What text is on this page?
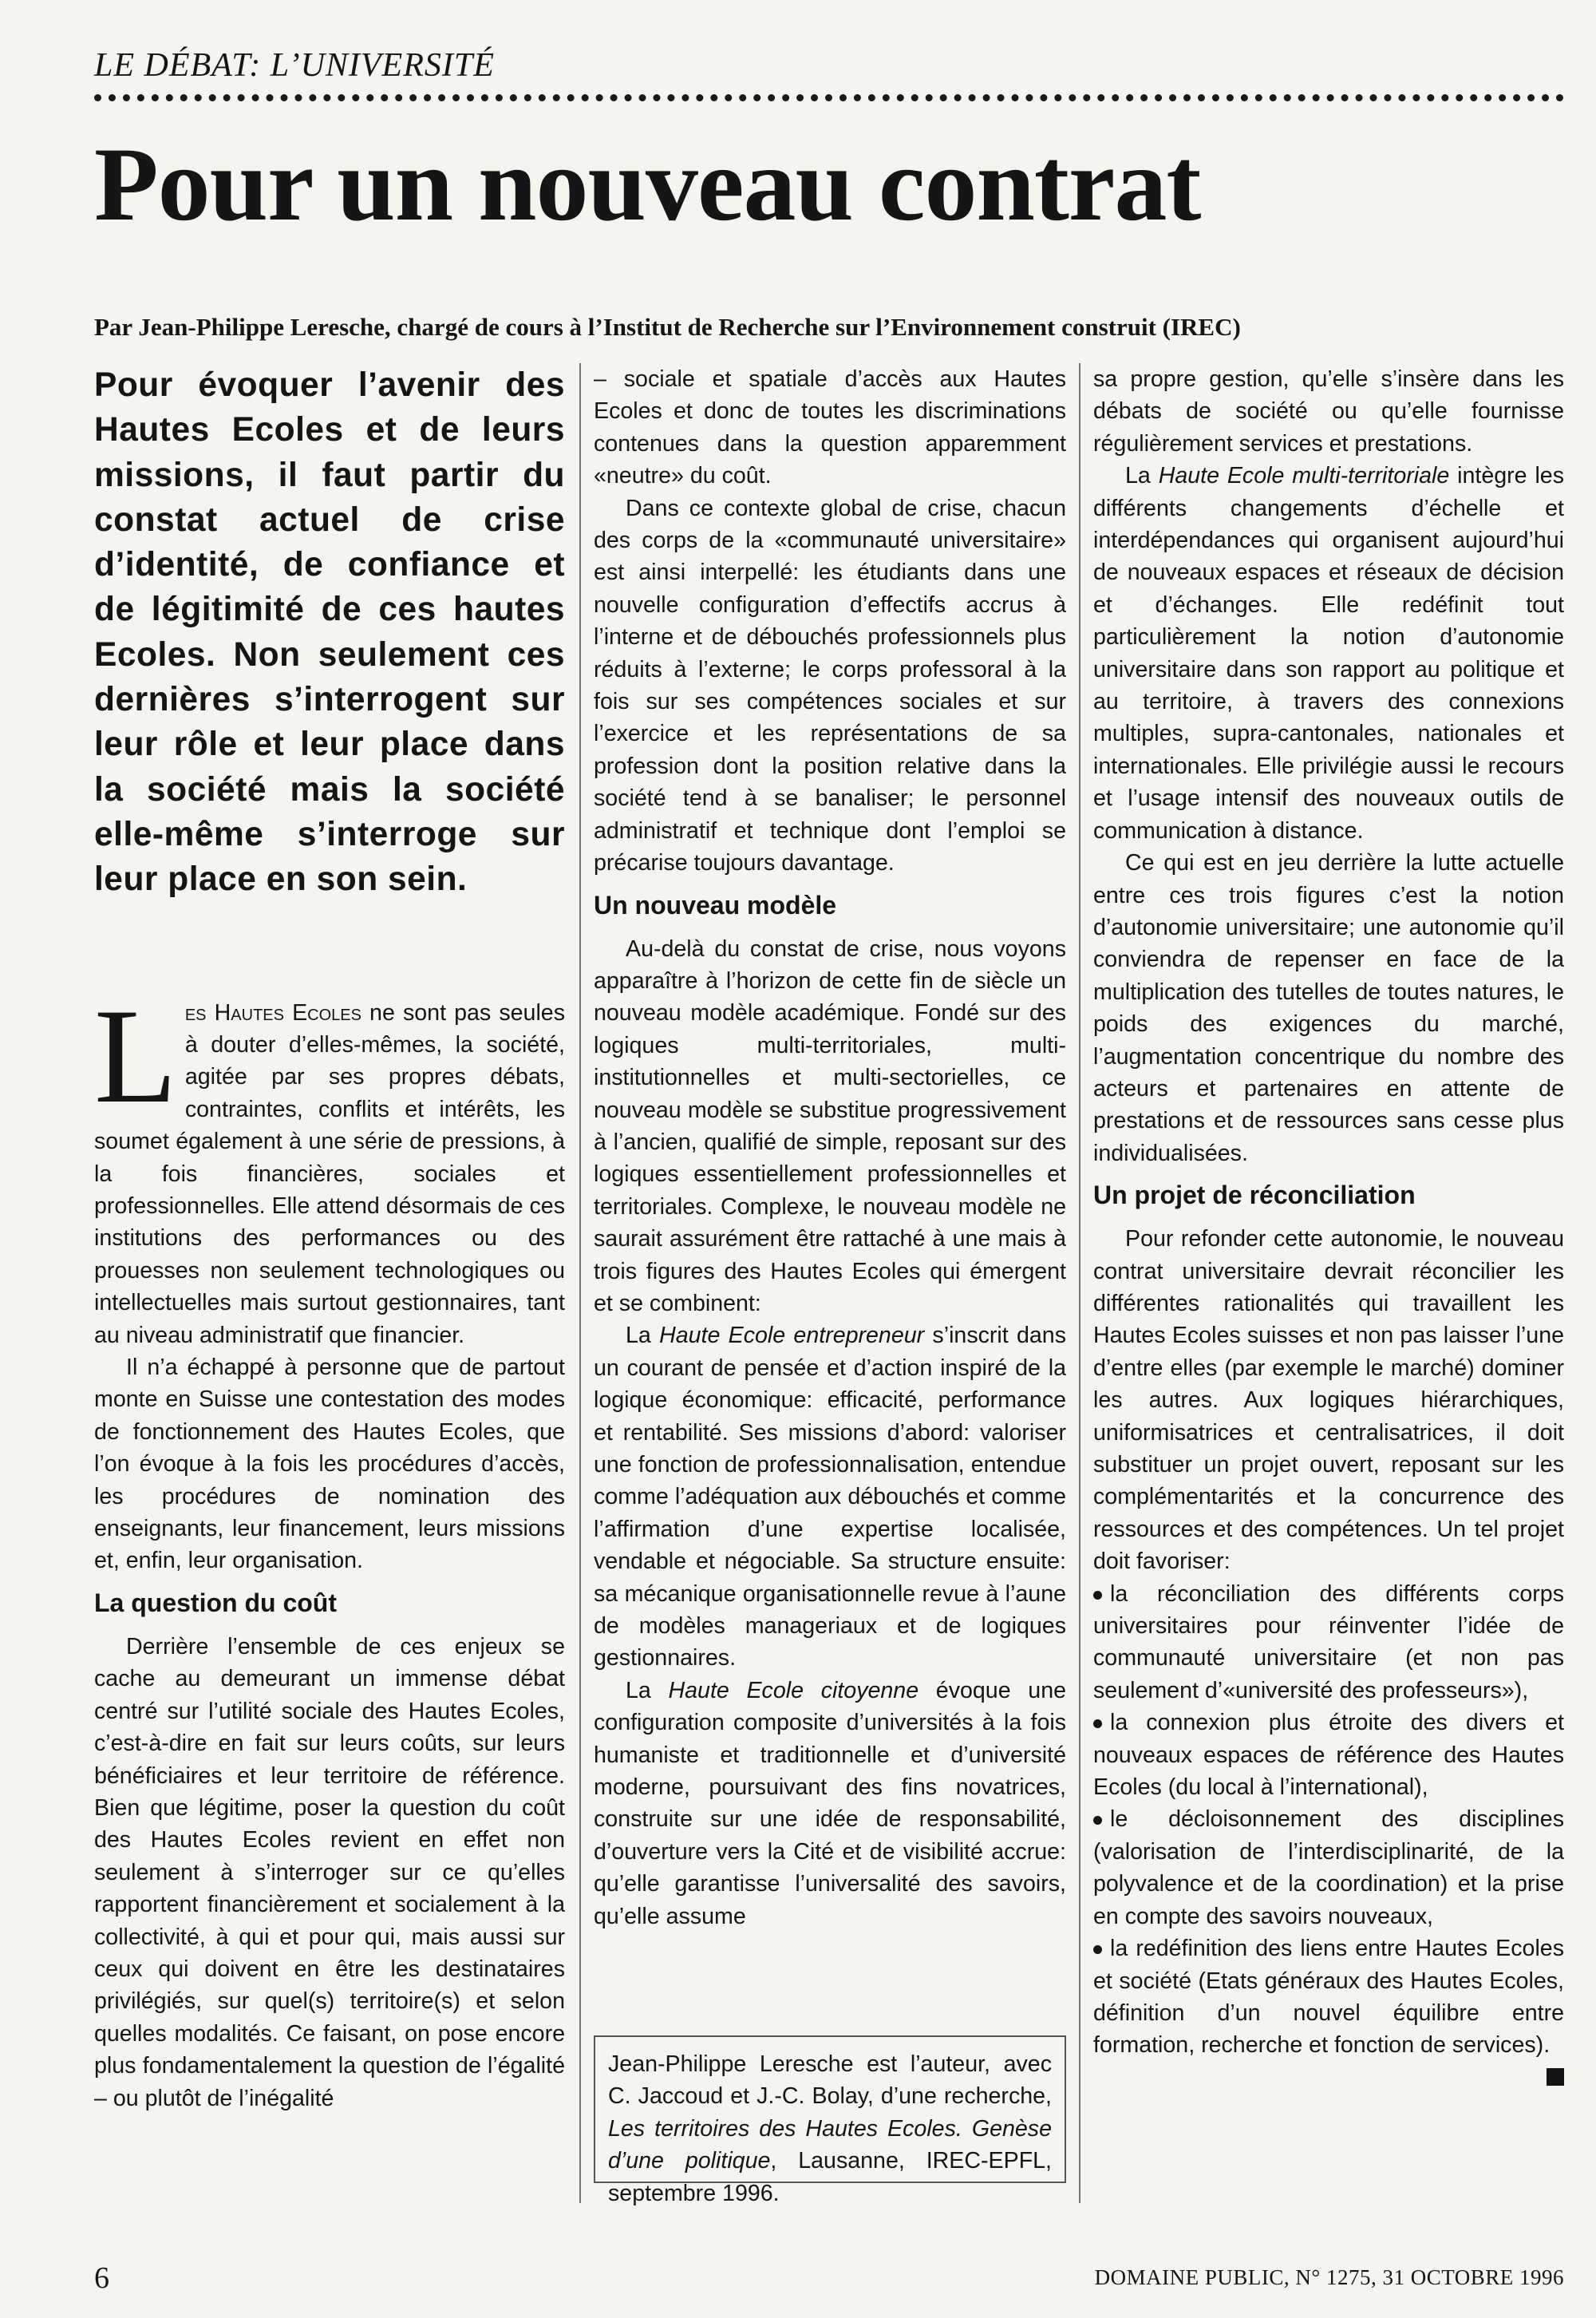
LE DÉBAT: L’UNIVERSITÉ
Pour un nouveau contrat
Par Jean-Philippe Leresche, chargé de cours à l’Institut de Recherche sur l’Environnement construit (IREC)

Pour évoquer l’avenir des Hautes Ecoles et de leurs missions, il faut partir du constat actuel de crise d’identité, de confiance et de légitimité de ces hautes Ecoles. Non seulement ces dernières s’interrogent sur leur rôle et leur place dans la société mais la société elle-même s’interroge sur leur place en son sein.

Les Hautes Ecoles ne sont pas seules à douter d’elles-mêmes, la société, agitée par ses propres débats, contraintes, conflits et intérêts, les soumet également à une série de pressions, à la fois financières, sociales et professionnelles. Elle attend désormais de ces institutions des performances ou des prouesses non seulement technologiques ou intellectuelles mais surtout gestionnaires, tant au niveau administratif que financier.

Il n’a échappé à personne que de partout monte en Suisse une contestation des modes de fonctionnement des Hautes Ecoles, que l’on évoque à la fois les procédures d’accès, les procédures de nomination des enseignants, leur financement, leurs missions et, enfin, leur organisation.

La question du coût

Derrière l’ensemble de ces enjeux se cache au demeurant un immense débat centré sur l’utilité sociale des Hautes Ecoles, c’est-à-dire en fait sur leurs coûts, sur leurs bénéficiaires et leur territoire de référence. Bien que légitime, poser la question du coût des Hautes Ecoles revient en effet non seulement à s’interroger sur ce qu’elles rapportent financièrement et socialement à la collectivité, à qui et pour qui, mais aussi sur ceux qui doivent en être les destinataires privilégiés, sur quel(s) territoire(s) et selon quelles modalités. Ce faisant, on pose encore plus fondamentalement la question de l’égalité – ou plutôt de l’inégalité

– sociale et spatiale d’accès aux Hautes Ecoles et donc de toutes les discriminations contenues dans la question apparemment «neutre» du coût.

Dans ce contexte global de crise, chacun des corps de la «communauté universitaire» est ainsi interpellé: les étudiants dans une nouvelle configuration d’effectifs accrus à l’interne et de débouchés professionnels plus réduits à l’externe; le corps professoral à la fois sur ses compétences sociales et sur l’exercice et les représentations de sa profession dont la position relative dans la société tend à se banaliser; le personnel administratif et technique dont l’emploi se précarise toujours davantage.

Un nouveau modèle

Au-delà du constat de crise, nous voyons apparaître à l’horizon de cette fin de siècle un nouveau modèle académique. Fondé sur des logiques multi-territoriales, multi-institutionnelles et multi-sectorielles, ce nouveau modèle se substitue progressivement à l’ancien, qualifié de simple, reposant sur des logiques essentiellement professionnelles et territoriales. Complexe, le nouveau modèle ne saurait assurément être rattaché à une mais à trois figures des Hautes Ecoles qui émergent et se combinent:

La Haute Ecole entrepreneur s’inscrit dans un courant de pensée et d’action inspiré de la logique économique: efficacité, performance et rentabilité. Ses missions d’abord: valoriser une fonction de professionnalisation, entendue comme l’adéquation aux débouchés et comme l’affirmation d’une expertise localisée, vendable et négociable. Sa structure ensuite: sa mécanique organisationnelle revue à l’aune de modèles manageriaux et de logiques gestionnaires.

La Haute Ecole citoyenne évoque une configuration composite d’universités à la fois humaniste et traditionnelle et d’université moderne, poursuivant des fins novatrices, construite sur une idée de responsabilité, d’ouverture vers la Cité et de visibilité accrue: qu’elle garantisse l’universalité des savoirs, qu’elle assume

Jean-Philippe Leresche est l’auteur, avec C. Jaccoud et J.-C. Bolay, d’une recherche, Les territoires des Hautes Ecoles. Genèse d’une politique, Lausanne, IREC-EPFL, septembre 1996.

sa propre gestion, qu’elle s’insère dans les débats de société ou qu’elle fournisse régulièrement services et prestations.

La Haute Ecole multi-territoriale intègre les différents changements d’échelle et interdépendances qui organisent aujourd’hui de nouveaux espaces et réseaux de décision et d’échanges. Elle redéfinit tout particulièrement la notion d’autonomie universitaire dans son rapport au politique et au territoire, à travers des connexions multiples, supra-cantonales, nationales et internationales. Elle privilégie aussi le recours et l’usage intensif des nouveaux outils de communication à distance.

Ce qui est en jeu derrière la lutte actuelle entre ces trois figures c’est la notion d’autonomie universitaire; une autonomie qu’il conviendra de repenser en face de la multiplication des tutelles de toutes natures, le poids des exigences du marché, l’augmentation concentrique du nombre des acteurs et partenaires en attente de prestations et de ressources sans cesse plus individualisées.

Un projet de réconciliation

Pour refonder cette autonomie, le nouveau contrat universitaire devrait réconcilier les différentes rationalités qui travaillent les Hautes Ecoles suisses et non pas laisser l’une d’entre elles (par exemple le marché) dominer les autres. Aux logiques hiérarchiques, uniformisatrices et centralisatrices, il doit substituer un projet ouvert, reposant sur les complémentarités et la concurrence des ressources et des compétences. Un tel projet doit favoriser:

la réconciliation des différents corps universitaires pour réinventer l’idée de communauté universitaire (et non pas seulement d’«université des professeurs»),

la connexion plus étroite des divers et nouveaux espaces de référence des Hautes Ecoles (du local à l’international),

le décloisonnement des disciplines (valorisation de l’interdisciplinarité, de la polyvalence et de la coordination) et la prise en compte des savoirs nouveaux,

la redéfinition des liens entre Hautes Ecoles et société (Etats généraux des Hautes Ecoles, définition d’un nouvel équilibre entre formation, recherche et fonction de services).

6	DOMAINE PUBLIC, N° 1275, 31 OCTOBRE 1996
